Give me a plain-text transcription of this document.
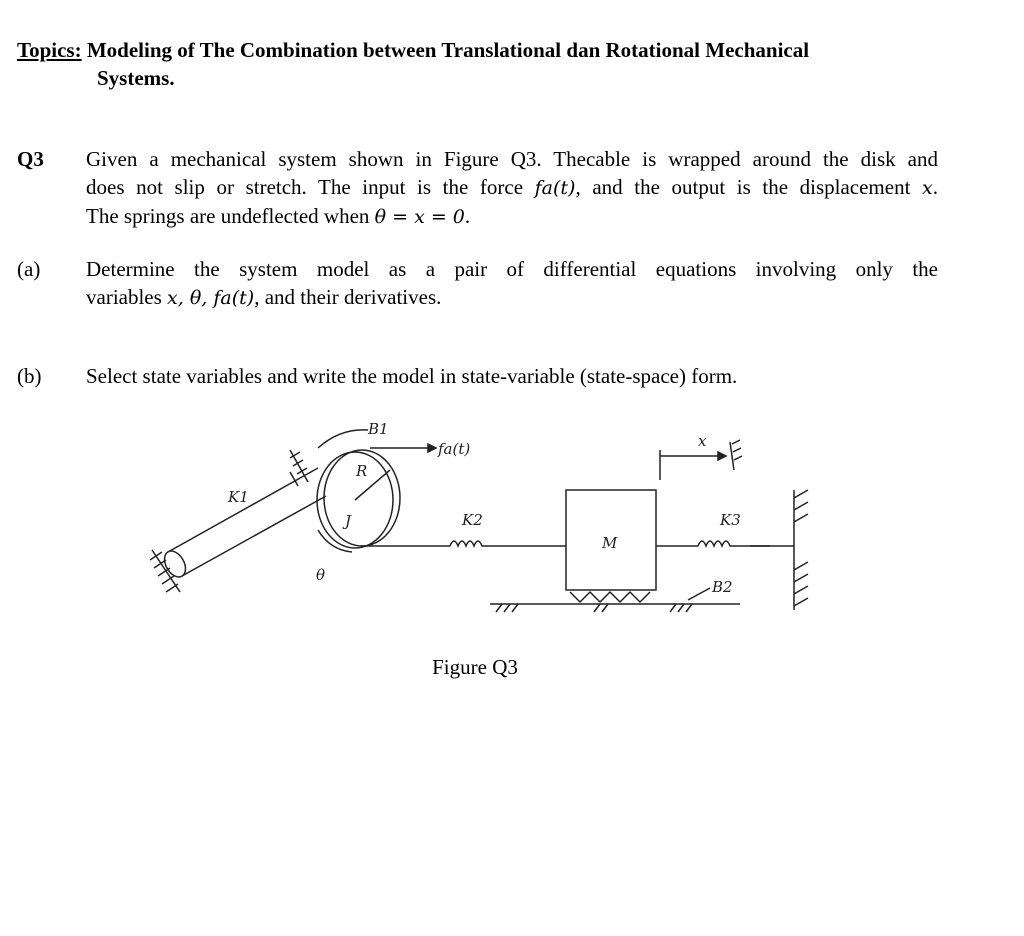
Topics: Modeling of The Combination between Translational dan Rotational Mechanical
Systems.
Q3 Given a mechanical system shown in Figure Q3. Thecable is wrapped around the disk and
does not slip or stretch. The input is the force fa(t), and the output is the displacement x.
The springs are undeflected when θ = x = 0.
(a) Determine the system model as a pair of differential equations involving only the
variables x, θ, fa(t), and their derivatives.
(b) Select state variables and write the model in state-variable (state-space) form.
B1
fa(t)
R
K1
J
θ
K2
M
x
K3
B2
Figure Q3
